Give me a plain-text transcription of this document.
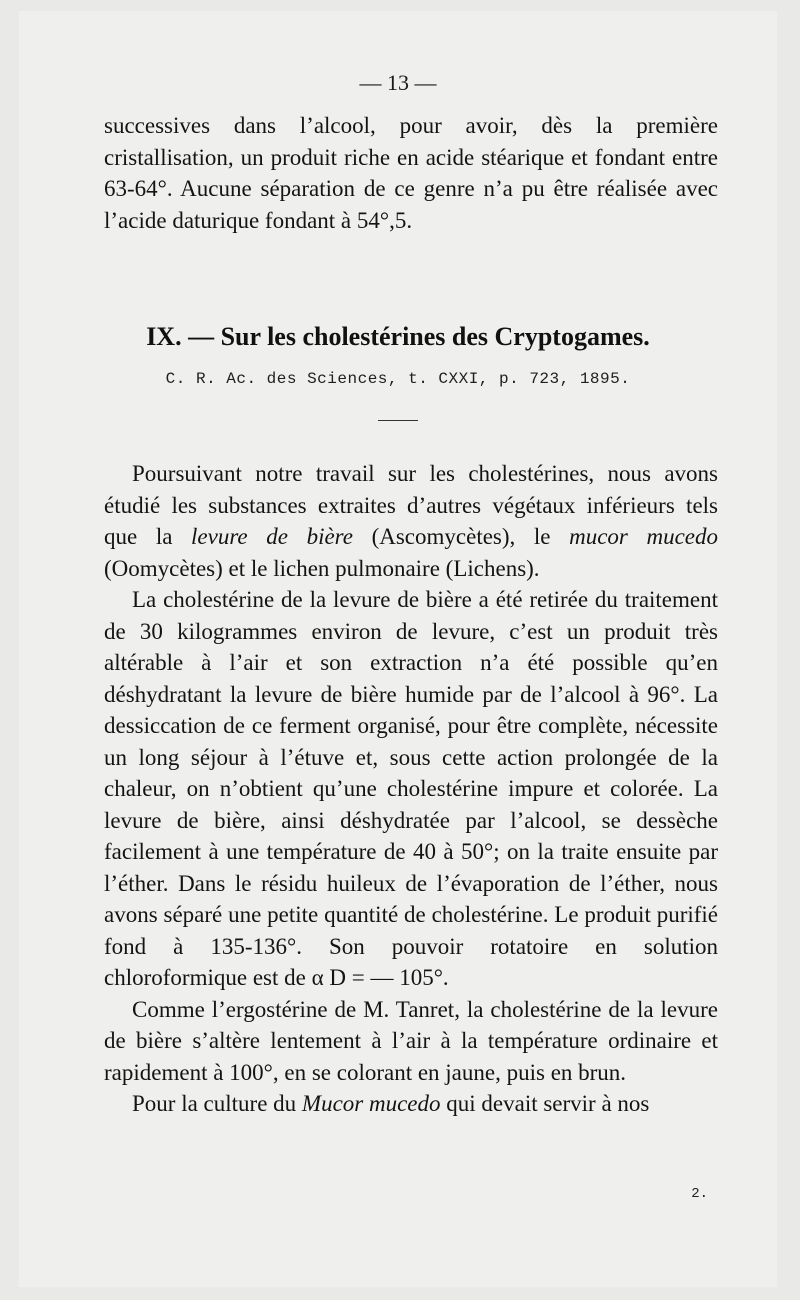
— 13 —

successives dans l’alcool, pour avoir, dès la première cristallisation, un produit riche en acide stéarique et fondant entre 63-64°. Aucune séparation de ce genre n’a pu être réalisée avec l’acide daturique fondant à 54°,5.

IX. — Sur les cholestérines des Cryptogames.
C. R. Ac. des Sciences, t. CXXI, p. 723, 1895.

Poursuivant notre travail sur les cholestérines, nous avons étudié les substances extraites d’autres végétaux inférieurs tels que la levure de bière (Ascomycètes), le mucor mucedo (Oomycètes) et le lichen pulmonaire (Lichens).

La cholestérine de la levure de bière a été retirée du traitement de 30 kilogrammes environ de levure, c’est un produit très altérable à l’air et son extraction n’a été possible qu’en déshydratant la levure de bière humide par de l’alcool à 96°. La dessiccation de ce ferment organisé, pour être complète, nécessite un long séjour à l’étuve et, sous cette action prolongée de la chaleur, on n’obtient qu’une cholestérine impure et colorée. La levure de bière, ainsi déshydratée par l’alcool, se dessèche facilement à une température de 40 à 50°; on la traite ensuite par l’éther. Dans le résidu huileux de l’évaporation de l’éther, nous avons séparé une petite quantité de cholestérine. Le produit purifié fond à 135-136°. Son pouvoir rotatoire en solution chloroformique est de α D = — 105°.

Comme l’ergostérine de M. Tanret, la cholestérine de la levure de bière s’altère lentement à l’air à la température ordinaire et rapidement à 100°, en se colorant en jaune, puis en brun.

Pour la culture du Mucor mucedo qui devait servir à nos

2.
